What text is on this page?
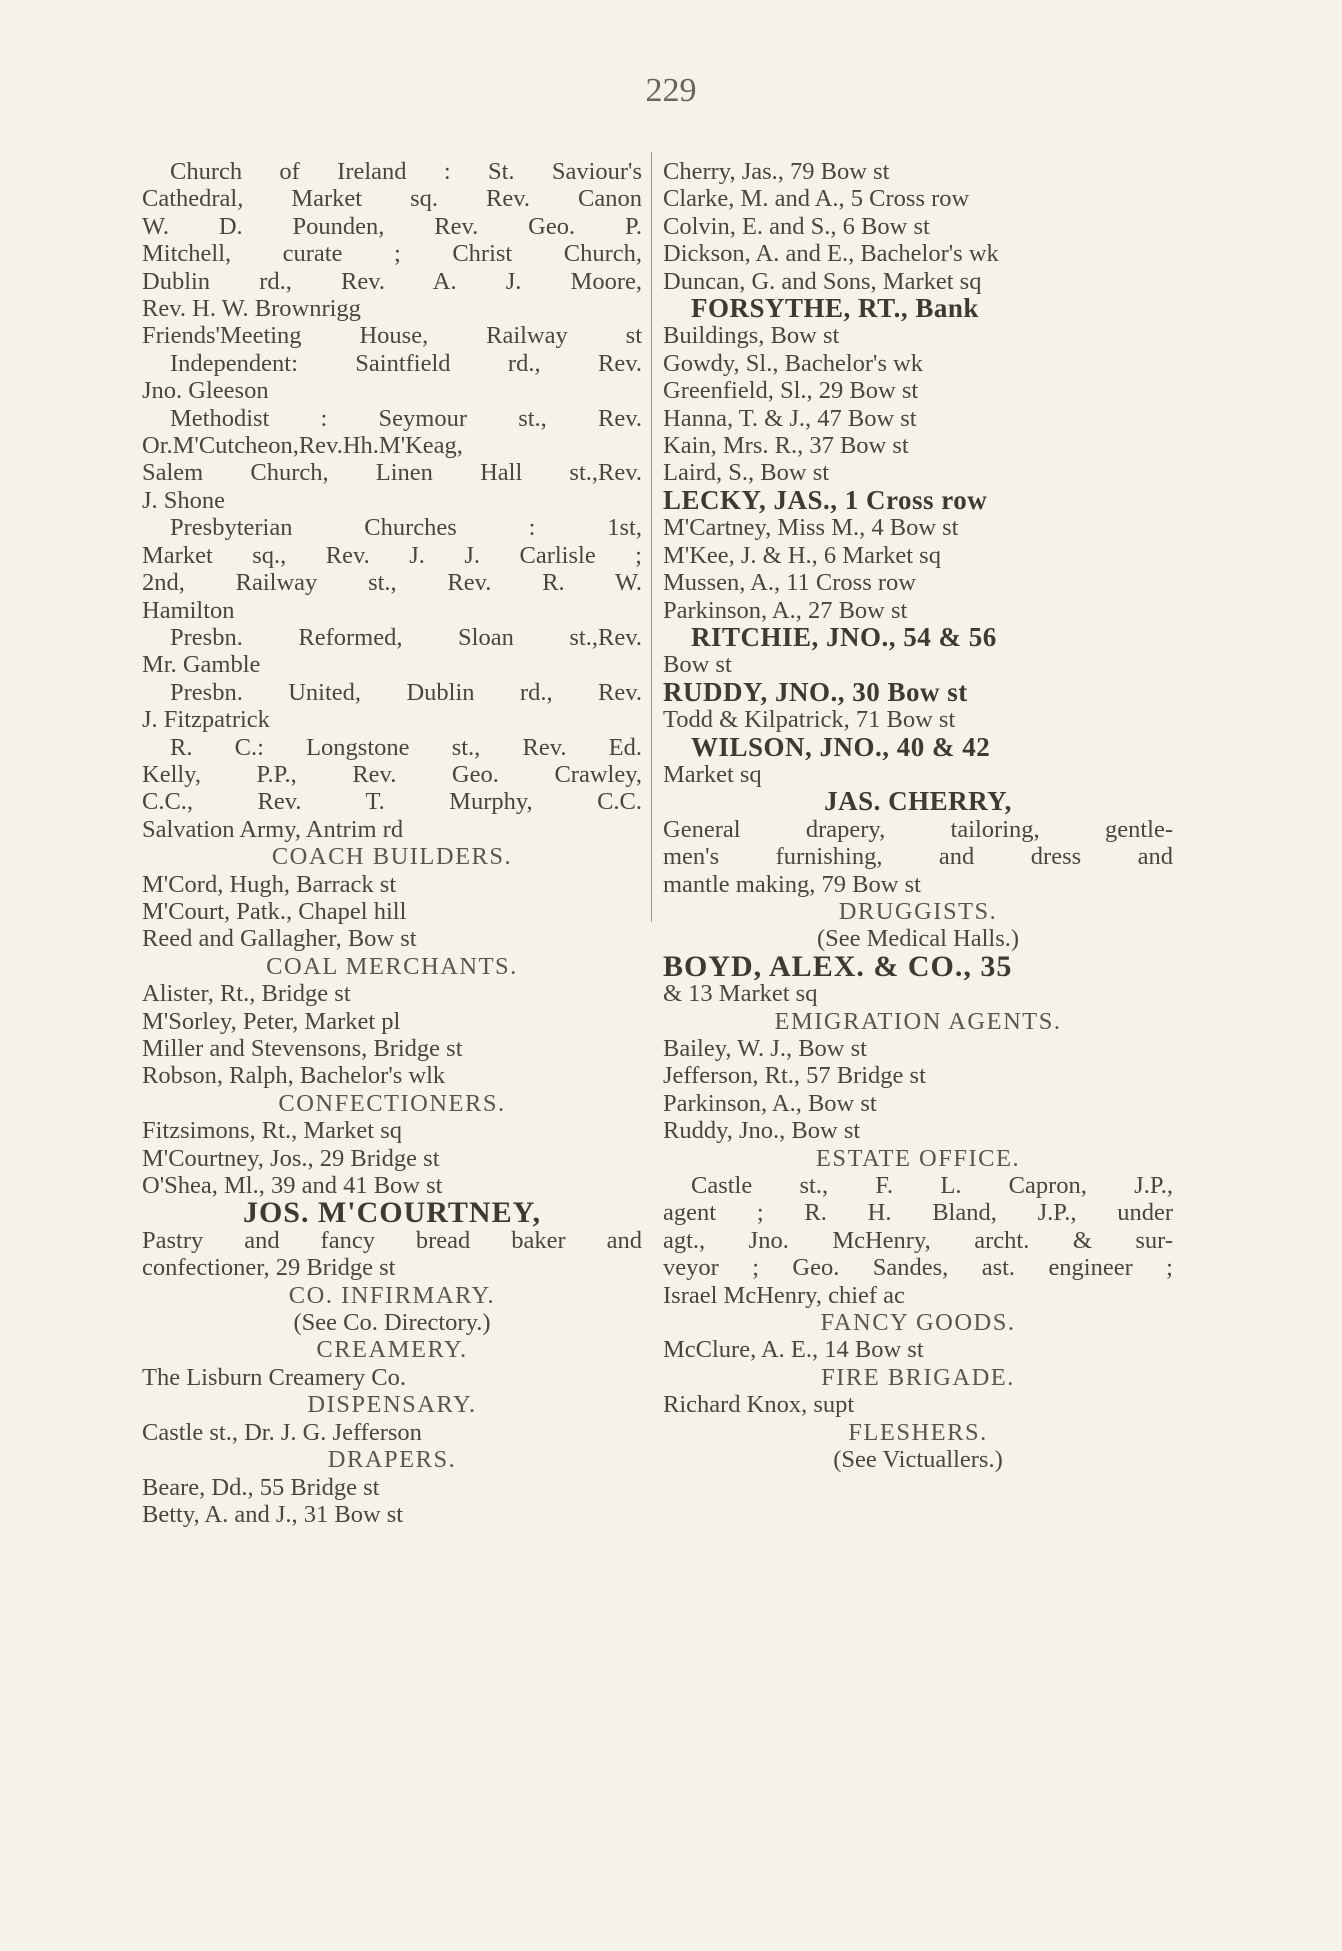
229
Church of Ireland : St. Saviour's
Cathedral, Market sq. Rev. Canon
W. D. Pounden, Rev. Geo. P.
Mitchell, curate ; Christ Church,
Dublin rd., Rev. A. J. Moore,
Rev. H. W. Brownrigg
Friends'Meeting House, Railway st
Independent: Saintfield rd., Rev.
Jno. Gleeson
Methodist : Seymour st., Rev.
Or.M'Cutcheon,Rev.Hh.M'Keag,
Salem Church, Linen Hall st.,Rev.
J. Shone
Presbyterian Churches : 1st,
Market sq., Rev. J. J. Carlisle ;
2nd, Railway st., Rev. R. W.
Hamilton
Presbn. Reformed, Sloan st.,Rev.
Mr. Gamble
Presbn. United, Dublin rd., Rev.
J. Fitzpatrick
R. C.: Longstone st., Rev. Ed.
Kelly, P.P., Rev. Geo. Crawley,
C.C., Rev. T. Murphy, C.C.
Salvation Army, Antrim rd
COACH BUILDERS.
M'Cord, Hugh, Barrack st
M'Court, Patk., Chapel hill
Reed and Gallagher, Bow st
COAL MERCHANTS.
Alister, Rt., Bridge st
M'Sorley, Peter, Market pl
Miller and Stevensons, Bridge st
Robson, Ralph, Bachelor's wlk
CONFECTIONERS.
Fitzsimons, Rt., Market sq
M'Courtney, Jos., 29 Bridge st
O'Shea, Ml., 39 and 41 Bow st
JOS. M'COURTNEY,
Pastry and fancy bread baker and
confectioner, 29 Bridge st
CO. INFIRMARY.
(See Co. Directory.)
CREAMERY.
The Lisburn Creamery Co.
DISPENSARY.
Castle st., Dr. J. G. Jefferson
DRAPERS.
Beare, Dd., 55 Bridge st
Betty, A. and J., 31 Bow st
Cherry, Jas., 79 Bow st
Clarke, M. and A., 5 Cross row
Colvin, E. and S., 6 Bow st
Dickson, A. and E., Bachelor's wk
Duncan, G. and Sons, Market sq
FORSYTHE, RT., Bank
Buildings, Bow st
Gowdy, Sl., Bachelor's wk
Greenfield, Sl., 29 Bow st
Hanna, T. & J., 47 Bow st
Kain, Mrs. R., 37 Bow st
Laird, S., Bow st
LECKY, JAS., 1 Cross row
M'Cartney, Miss M., 4 Bow st
M'Kee, J. & H., 6 Market sq
Mussen, A., 11 Cross row
Parkinson, A., 27 Bow st
RITCHIE, JNO., 54 & 56
Bow st
RUDDY, JNO., 30 Bow st
Todd & Kilpatrick, 71 Bow st
WILSON, JNO., 40 & 42
Market sq
JAS. CHERRY,
General drapery, tailoring, gentle-
men's furnishing, and dress and
mantle making, 79 Bow st
DRUGGISTS.
(See Medical Halls.)
BOYD, ALEX. & CO., 35
& 13 Market sq
EMIGRATION AGENTS.
Bailey, W. J., Bow st
Jefferson, Rt., 57 Bridge st
Parkinson, A., Bow st
Ruddy, Jno., Bow st
ESTATE OFFICE.
Castle st., F. L. Capron, J.P.,
agent ; R. H. Bland, J.P., under
agt., Jno. McHenry, archt. & sur-
veyor ; Geo. Sandes, ast. engineer ;
Israel McHenry, chief ac
FANCY GOODS.
McClure, A. E., 14 Bow st
FIRE BRIGADE.
Richard Knox, supt
FLESHERS.
(See Victuallers.)
